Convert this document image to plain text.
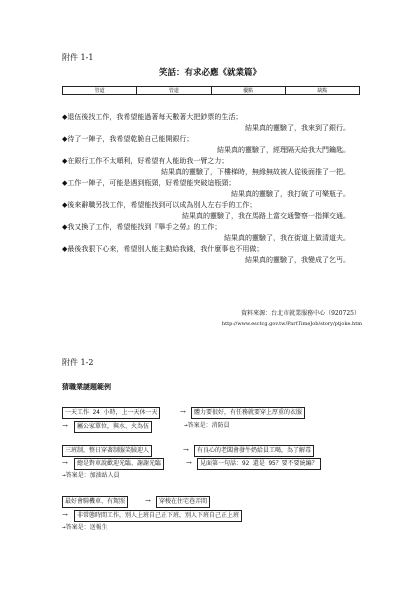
附件 1-1
笑話：有求必應《就業篇》
管道	管道	優點	缺點
◆ 退伍後找工作，我希望能過著每天數著大把鈔票的生活；
結果真的靈驗了，我來到了銀行。
◆ 待了一陣子，我希望乾脆自己能開銀行；
結果真的靈驗了，經理隔天給我大門鑰匙。
◆ 在銀行工作不太順利，好希望有人能助我一臂之力；
結果真的靈驗了，下樓梯時，無緣無故被人從後面推了一把。
◆ 工作一陣子，可能是遇到瓶頸，好希望能突破這瓶頸；
結果真的靈驗了，我打破了可樂瓶子。
◆ 後來辭職另找工作，希望能找到可以成為別人左右手的工作；
結果真的靈驗了，我在馬路上當交通警察一指揮交通。
◆ 我又換了工作，希望能找到『舉手之勞』的工作；
結果真的靈驗了，我在街道上做清道夫。
◆ 最後我狠下心來，希望別人能主動給我錢，我什麼事也不用做；
結果真的靈驗了，我變成了乞丐。
資料來源：台北市就業服務中心（920725）
http://www.esctcg.gov.tw/PartTimeJob/story/ptjoke.htm
附件 1-2
猜職業謎題範例
一天工作 24 小時，上一天休一天	→	體力要很好，有任務就要穿上厚重的衣服
→	屬公家單位，與水、火為伍	→答案是：消防員
三班制，整日穿著制服笑臉迎人	→	有良心的老闆會發牛奶給員工喝，為了解毒
→	總是對車說歡迎光臨、謝謝光臨	→	見面第一句話：92 還是 95？要不要統編？
→答案是：加油站人員
最好會騎機車、有駕照	→	穿梭在住宅巷弄間
→	非常態時間工作，別人上班自己正下班，別人下班自己正上班
→答案是：送報生
